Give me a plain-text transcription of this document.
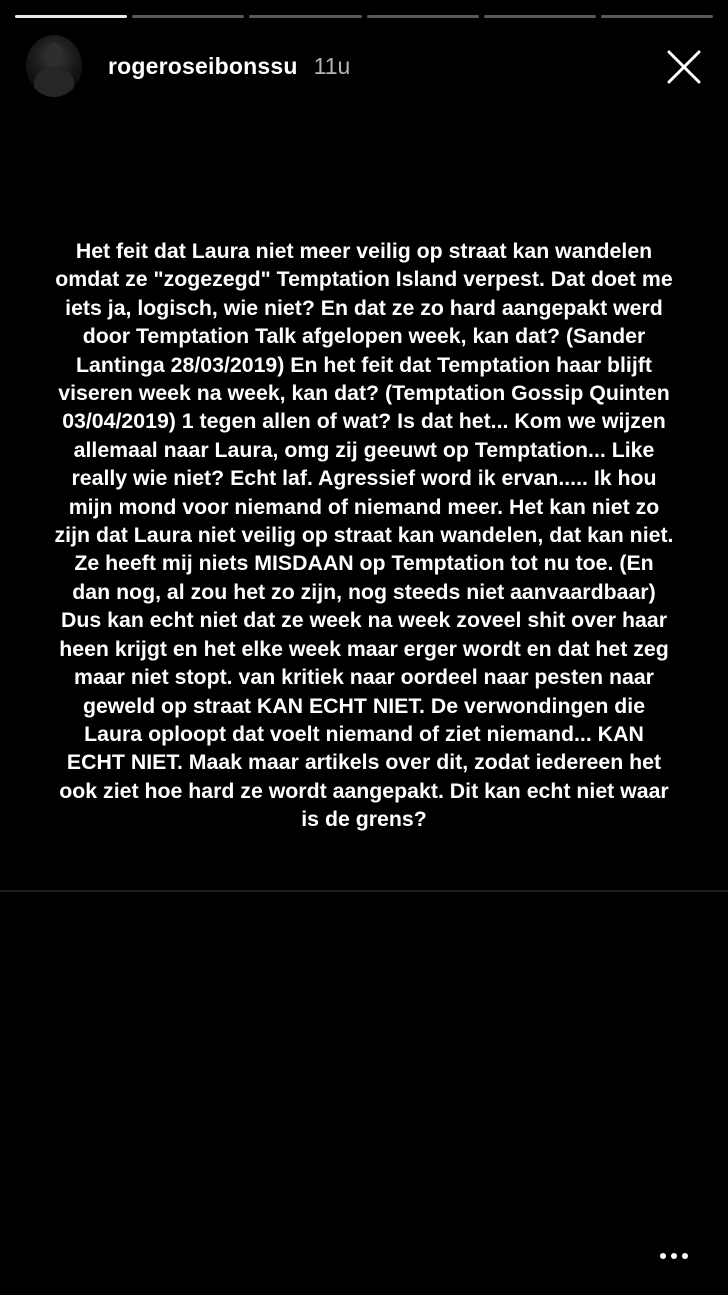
rogeroseibonssu 11u
Het feit dat Laura niet meer veilig op straat kan wandelen
omdat ze "zogezegd" Temptation Island verpest. Dat doet me
iets ja, logisch, wie niet? En dat ze zo hard aangepakt werd
door Temptation Talk afgelopen week, kan dat? (Sander
Lantinga 28/03/2019) En het feit dat Temptation haar blijft
viseren week na week, kan dat? (Temptation Gossip Quinten
03/04/2019) 1 tegen allen of wat? Is dat het... Kom we wijzen
allemaal naar Laura, omg zij geeuwt op Temptation... Like
really wie niet? Echt laf. Agressief word ik ervan..... Ik hou
mijn mond voor niemand of niemand meer. Het kan niet zo
zijn dat Laura niet veilig op straat kan wandelen, dat kan niet.
Ze heeft mij niets MISDAAN op Temptation tot nu toe. (En
dan nog, al zou het zo zijn, nog steeds niet aanvaardbaar)
Dus kan echt niet dat ze week na week zoveel shit over haar
heen krijgt en het elke week maar erger wordt en dat het zeg
maar niet stopt. van kritiek naar oordeel naar pesten naar
geweld op straat KAN ECHT NIET. De verwondingen die
Laura oploopt dat voelt niemand of ziet niemand... KAN
ECHT NIET. Maak maar artikels over dit, zodat iedereen het
ook ziet hoe hard ze wordt aangepakt. Dit kan echt niet waar
is de grens?
